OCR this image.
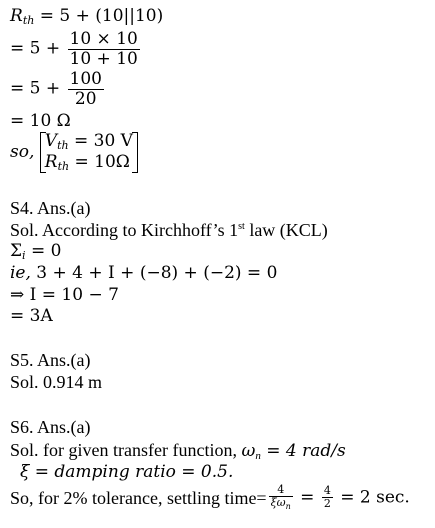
$R_{th} = 5 + (10||10)$
= $5 + \frac{10 \times 10}{10 + 10}$
= $5 + \frac{100}{20}$
= 10 Ω
so,
$V_{th} = 30$ V
$R_{th} = 10\Omega$
S4. Ans.(a)
Sol. According to Kirchhoff’s 1st law (KCL)
$\Sigma_i = 0$
ie, 3 + 4 + I + (−8) + (−2) = 0
⇒ I = 10 − 7
= 3A
S5. Ans.(a)
Sol. 0.914 m
S6. Ans.(a)
Sol. for given transfer function, $\omega_n = 4$ rad/s
ξ = damping ratio = 0.5.
So, for 2% tolerance, settling time= $\frac{4}{\xi\omega_n} = \frac{4}{2} = 2$ sec.
